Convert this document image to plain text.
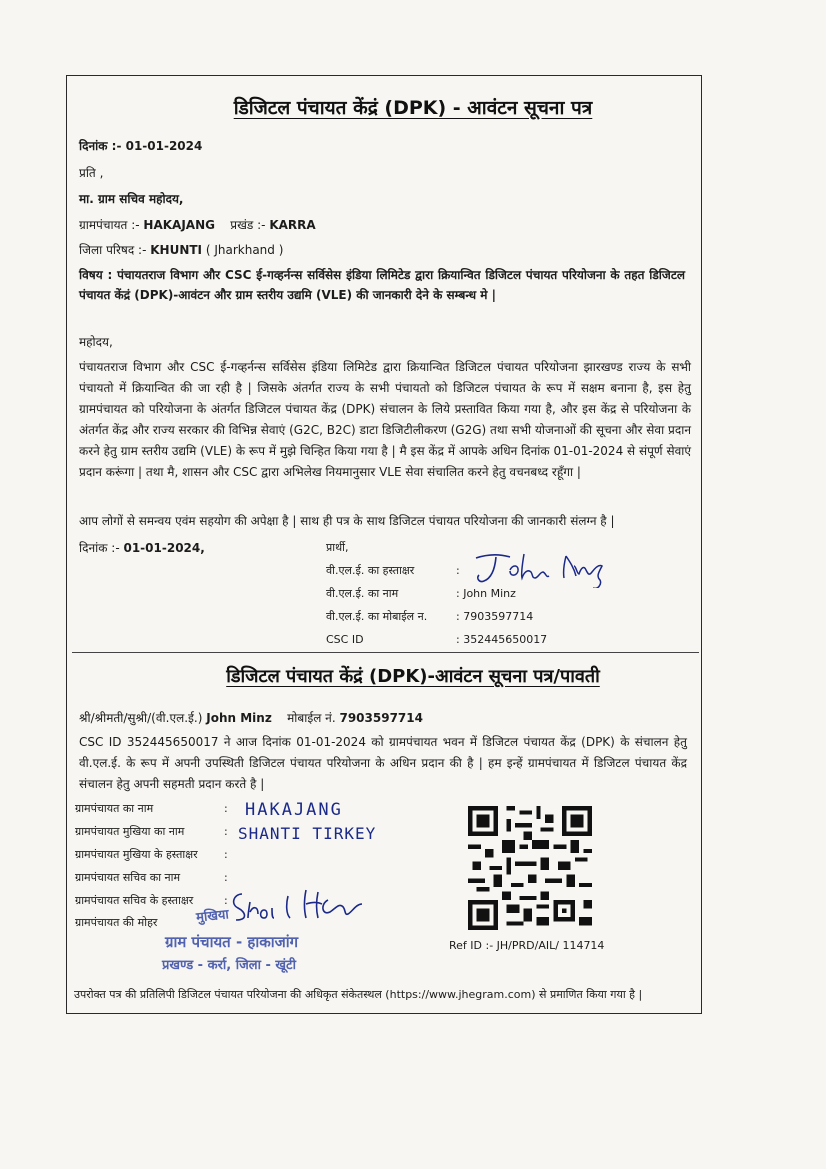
डिजिटल पंचायत केंद्रं (DPK) - आवंटन सूचना पत्र
दिनांक :- 01-01-2024
प्रति ,
मा. ग्राम सचिव महोदय,
ग्रामपंचायत :- HAKAJANG प्रखंड :- KARRA
जिला परिषद :- KHUNTI ( Jharkhand )
विषय : पंचायतराज विभाग और CSC ई-गव्हर्नन्स सर्विसेस इंडिया लिमिटेड द्वारा क्रियान्वित डिजिटल पंचायत परियोजना के तहत डिजिटल पंचायत केंद्रं (DPK)-आवंटन और ग्राम स्तरीय उद्यमि (VLE) की जानकारी देने के सम्बन्ध मे |
महोदय,
पंचायतराज विभाग और CSC ई-गव्हर्नन्स सर्विसेस इंडिया लिमिटेड द्वारा क्रियान्वित डिजिटल पंचायत परियोजना झारखण्ड राज्य के सभी पंचायतो में क्रियान्वित की जा रही है | जिसके अंतर्गत राज्य के सभी पंचायतो को डिजिटल पंचायत के रूप में सक्षम बनाना है, इस हेतु ग्रामपंचायत को परियोजना के अंतर्गत डिजिटल पंचायत केंद्र (DPK) संचालन के लिये प्रस्तावित किया गया है, और इस केंद्र से परियोजना के अंतर्गत केंद्र और राज्य सरकार की विभिन्न सेवाएं (G2C, B2C) डाटा डिजिटीलीकरण (G2G) तथा सभी योजनाओं की सूचना और सेवा प्रदान करने हेतु ग्राम स्तरीय उद्यमि (VLE) के रूप में मुझे चिन्हित किया गया है | मै इस केंद्र में आपके अधिन दिनांक 01-01-2024 से संपूर्ण सेवाएं प्रदान करूंगा | तथा मै, शासन और CSC द्वारा अभिलेख नियमानुसार VLE सेवा संचालित करने हेतु वचनबध्द रहूँगा |
आप लोगों से समन्वय एवंम सहयोग की अपेक्षा है | साथ ही पत्र के साथ डिजिटल पंचायत परियोजना की जानकारी संलग्न है |
दिनांक :- 01-01-2024,	प्रार्थी,
वी.एल.ई. का हस्ताक्षर
वी.एल.ई. का नाम
वी.एल.ई. का मोबाईल न.
CSC ID
:
: John Minz
: 7903597714
: 352445650017
डिजिटल पंचायत केंद्रं (DPK)-आवंटन सूचना पत्र/पावती
श्री/श्रीमती/सुश्री/(वी.एल.ई.) John Minz मोबाईल नं. 7903597714
CSC ID 352445650017 ने आज दिनांक 01-01-2024 को ग्रामपंचायत भवन में डिजिटल पंचायत केंद्र (DPK) के संचालन हेतु वी.एल.ई. के रूप में अपनी उपस्थिती डिजिटल पंचायत परियोजना के अधिन प्रदान की है | हम इन्हें ग्रामपंचायत में डिजिटल पंचायत केंद्र संचालन हेतु अपनी सहमती प्रदान करते है |
ग्रामपंचायत का नाम
ग्रामपंचायत मुखिया का नाम
ग्रामपंचायत मुखिया के हस्ताक्षर
ग्रामपंचायत सचिव का नाम
ग्रामपंचायत सचिव के हस्ताक्षर
ग्रामपंचायत की मोहर
:
:
:
:
:
HAKAJANG
SHANTI TIRKEY
मुखिया
ग्राम पंचायत - हाकाजांग
प्रखण्ड - कर्रा, जिला - खूंटी
Ref ID :- JH/PRD/AIL/ 114714
उपरोक्त पत्र की प्रतिलिपी डिजिटल पंचायत परियोजना की अधिकृत संकेतस्थल (https://www.jhegram.com) से प्रमाणित किया गया है |
